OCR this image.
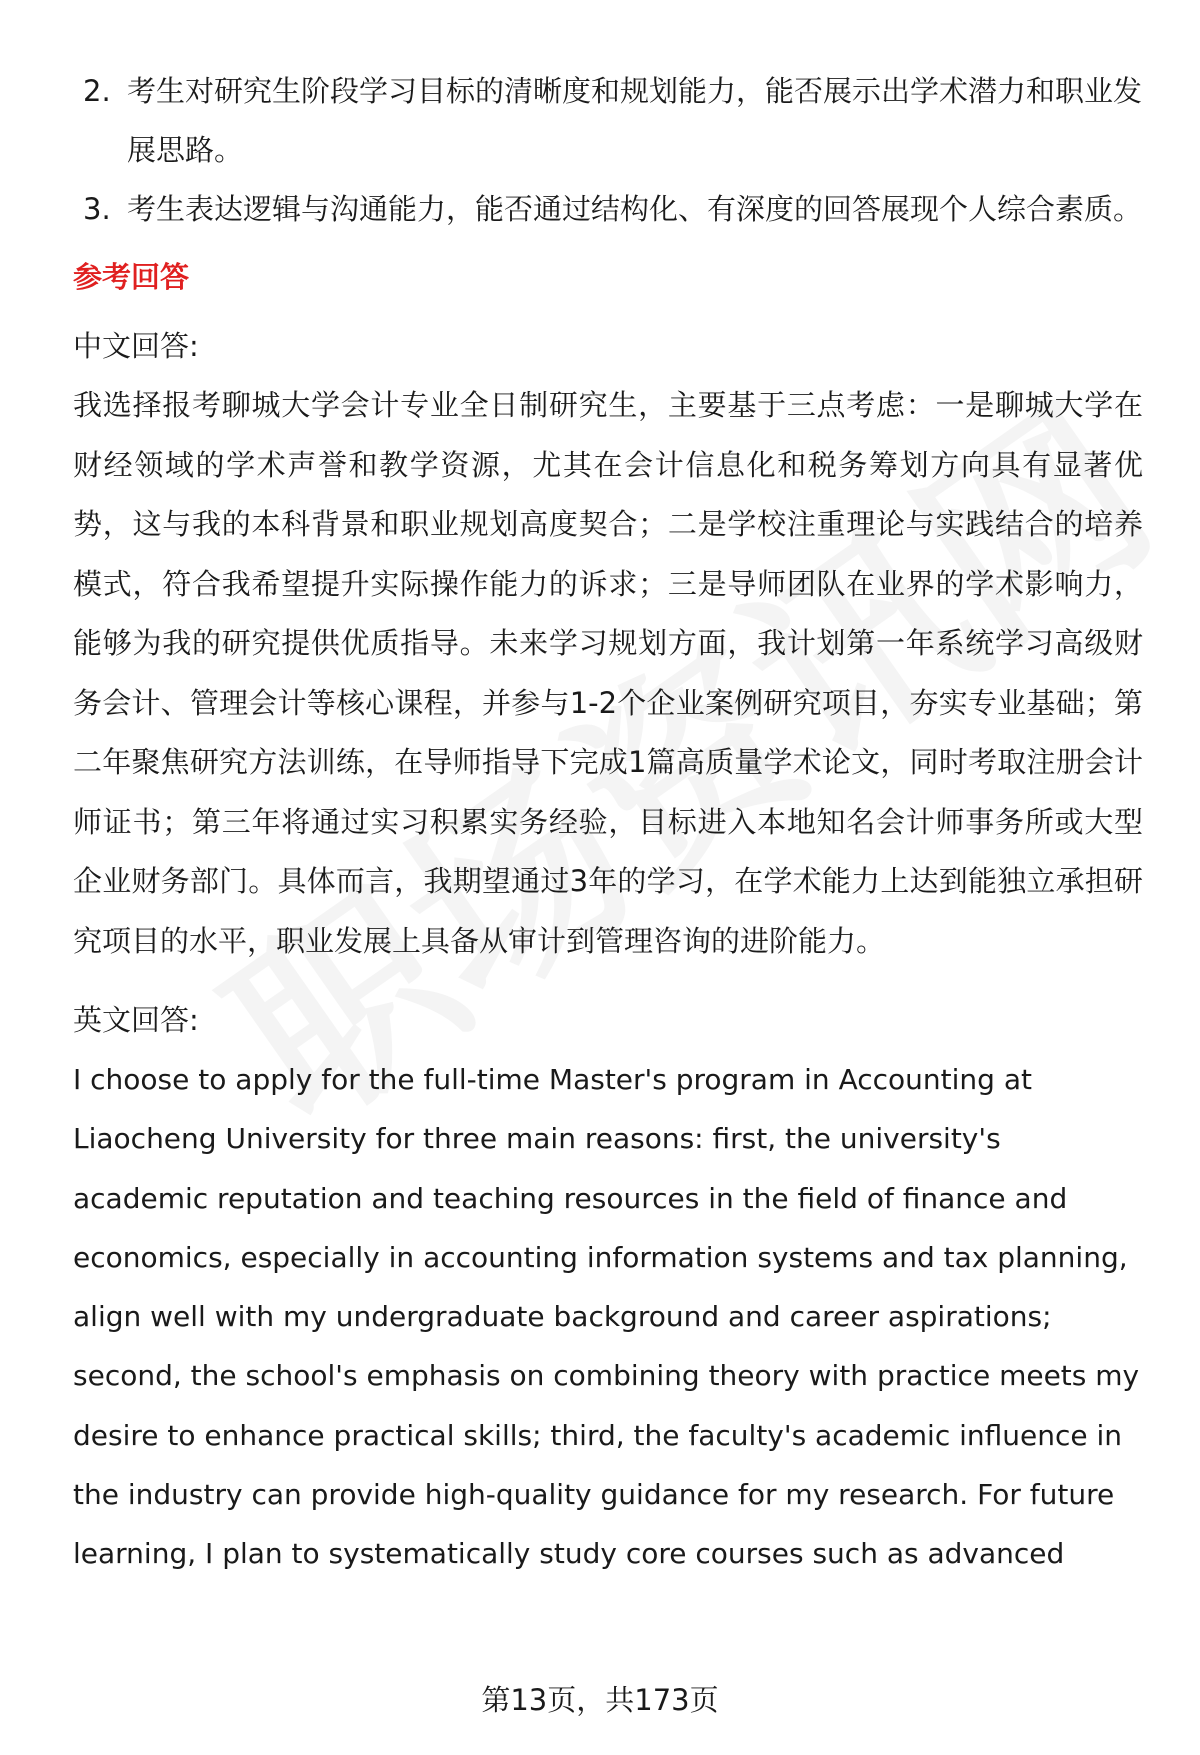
2. 考生对研究生阶段学习目标的清晰度和规划能力，能否展示出学术潜力和职业发展思路。
3. 考生表达逻辑与沟通能力，能否通过结构化、有深度的回答展现个人综合素质。
参考回答
中文回答:

我选择报考聊城大学会计专业全日制研究生，主要基于三点考虑：一是聊城大学在财经领域的学术声誉和教学资源，尤其在会计信息化和税务筹划方向具有显著优势，这与我的本科背景和职业规划高度契合；二是学校注重理论与实践结合的培养模式，符合我希望提升实际操作能力的诉求；三是导师团队在业界的学术影响力，能够为我的研究提供优质指导。未来学习规划方面，我计划第一年系统学习高级财务会计、管理会计等核心课程，并参与1-2个企业案例研究项目，夯实专业基础；第二年聚焦研究方法训练，在导师指导下完成1篇高质量学术论文，同时考取注册会计师证书；第三年将通过实习积累实务经验，目标进入本地知名会计师事务所或大型企业财务部门。具体而言，我期望通过3年的学习，在学术能力上达到能独立承担研究项目的水平，职业发展上具备从审计到管理咨询的进阶能力。

英文回答:

I choose to apply for the full-time Master's program in Accounting at Liaocheng University for three main reasons: first, the university's academic reputation and teaching resources in the field of finance and economics, especially in accounting information systems and tax planning, align well with my undergraduate background and career aspirations; second, the school's emphasis on combining theory with practice meets my desire to enhance practical skills; third, the faculty's academic influence in the industry can provide high-quality guidance for my research. For future learning, I plan to systematically study core courses such as advanced

第13页，共173页
